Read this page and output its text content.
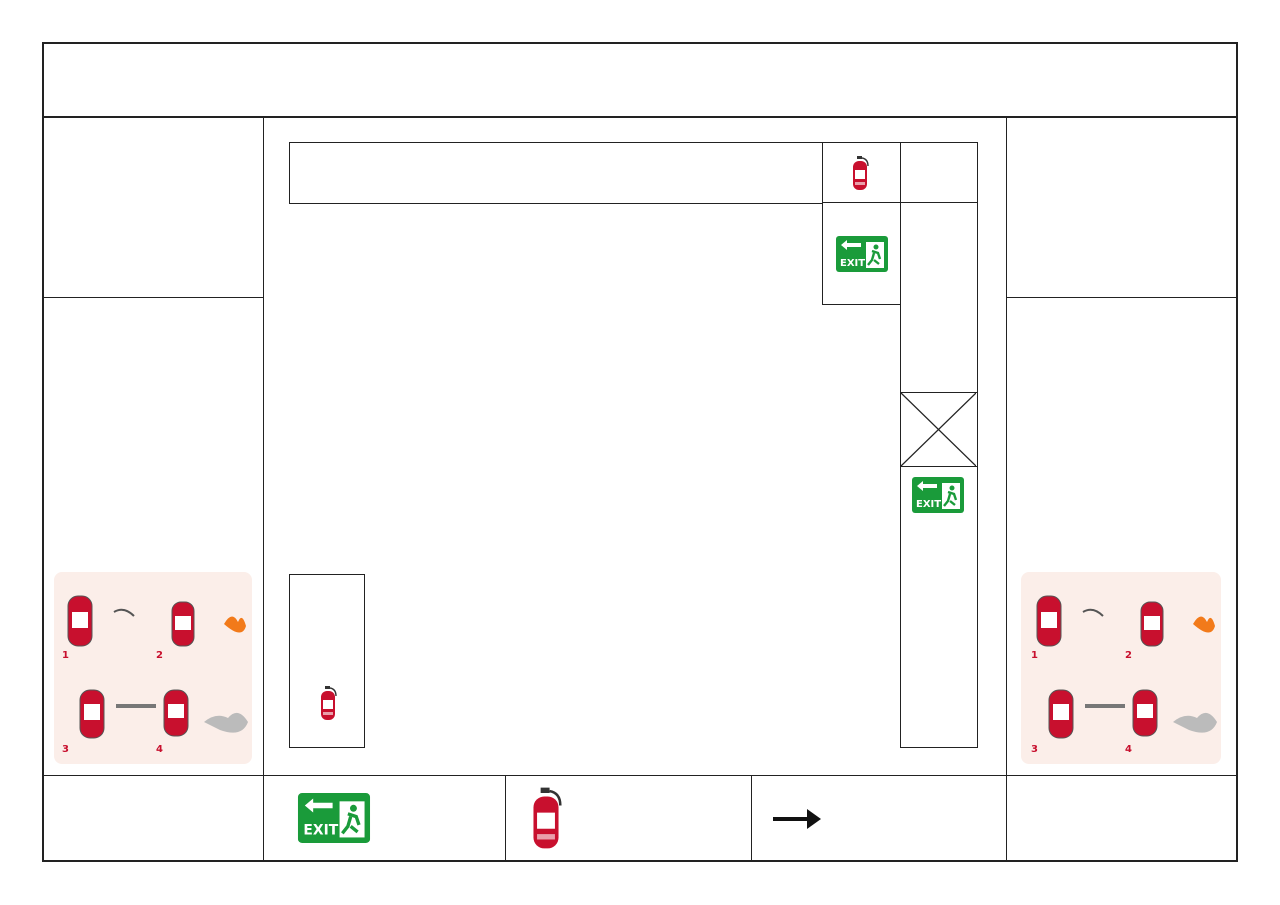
1	2
3	4
1	2
3	4
